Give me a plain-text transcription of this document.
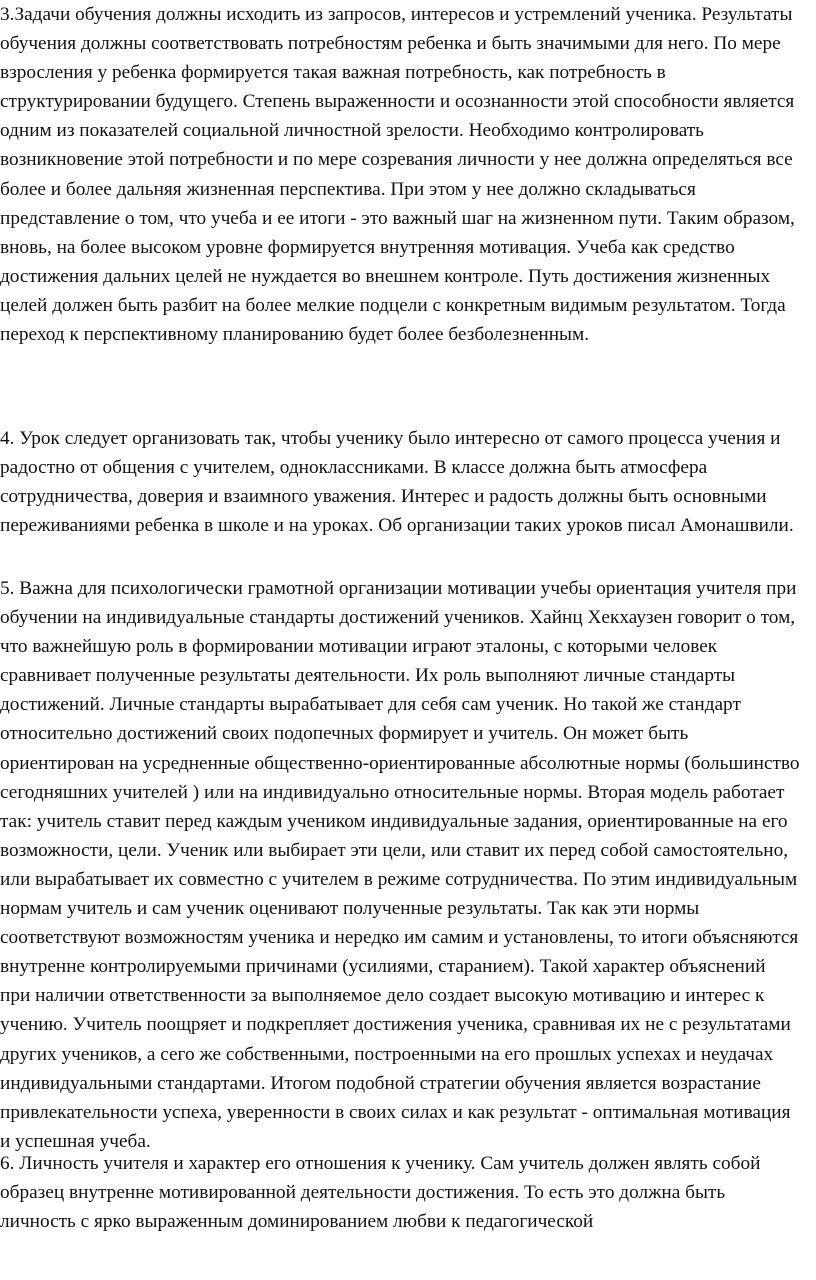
3.Задачи обучения должны исходить из запросов, интересов и устремлений ученика. Результаты обучения должны соответствовать потребностям ребенка и быть значимыми для него. По мере взросления у ребенка формируется такая важная потребность, как потребность в структурировании будущего. Степень выраженности и осознанности этой способности является одним из показателей социальной личностной зрелости. Необходимо контролировать возникновение этой потребности и по мере созревания личности у нее должна определяться все более и более дальняя жизненная перспектива. При этом у нее должно складываться представление о том, что учеба и ее итоги - это важный шаг на жизненном пути. Таким образом, вновь, на более высоком уровне формируется внутренняя мотивация. Учеба как средство достижения дальних целей не нуждается во внешнем контроле. Путь достижения жизненных целей должен быть разбит на более мелкие подцели с конкретным видимым результатом. Тогда переход к перспективному планированию будет более безболезненным.

4. Урок следует организовать так, чтобы ученику было интересно от самого процесса учения и радостно от общения с учителем, одноклассниками. В классе должна быть атмосфера сотрудничества, доверия и взаимного уважения. Интерес и радость должны быть основными переживаниями ребенка в школе и на уроках. Об организации таких уроков писал Амонашвили.

5. Важна для психологически грамотной организации мотивации учебы ориентация учителя при обучении на индивидуальные стандарты достижений учеников. Хайнц Хекхаузен говорит о том, что важнейшую роль в формировании мотивации играют эталоны, с которыми человек сравнивает полученные результаты деятельности. Их роль выполняют личные стандарты достижений. Личные стандарты вырабатывает для себя сам ученик. Но такой же стандарт относительно достижений своих подопечных формирует и учитель. Он может быть ориентирован на усредненные общественно-ориентированные абсолютные нормы (большинство сегодняшних учителей ) или на индивидуально относительные нормы. Вторая модель работает так: учитель ставит перед каждым учеником индивидуальные задания, ориентированные на его возможности, цели. Ученик или выбирает эти цели, или ставит их перед собой самостоятельно, или вырабатывает их совместно с учителем в режиме сотрудничества. По этим индивидуальным нормам учитель и сам ученик оценивают полученные результаты. Так как эти нормы соответствуют возможностям ученика и нередко им самим и установлены, то итоги объясняются внутренне контролируемыми причинами (усилиями, старанием). Такой характер объяснений при наличии ответственности за выполняемое дело создает высокую мотивацию и интерес к учению. Учитель поощряет и подкрепляет достижения ученика, сравнивая их не с результатами других учеников, а сего же собственными, построенными на его прошлых успехах и неудачах индивидуальными стандартами. Итогом подобной стратегии обучения является возрастание привлекательности успеха, уверенности в своих силах и как результат - оптимальная мотивация и успешная учеба.

6. Личность учителя и характер его отношения к ученику. Сам учитель должен являть собой образец внутренне мотивированной деятельности достижения. То есть это должна быть личность с ярко выраженным доминированием любви к педагогической
